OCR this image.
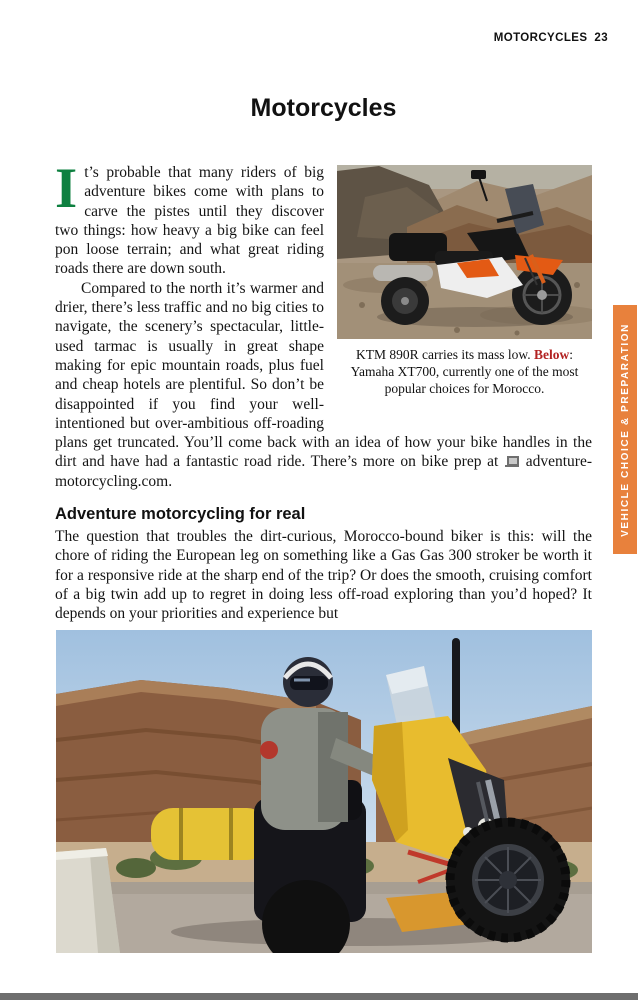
MOTORCYCLES 23
Motorcycles
KTM 890R carries its mass low. Below: Yamaha XT700, currently one of the most popular choices for Morocco.

It’s probable that many riders of big adventure bikes come with plans to carve the pistes until they discover two things: how heavy a big bike can feel pon loose terrain; and what great riding roads there are down south.

Compared to the north it’s warmer and drier, there’s less traffic and no big cities to navigate, the scenery’s spectacular, little-used tarmac is usually in great shape making for epic mountain roads, plus fuel and cheap hotels are plentiful. So don’t be disappointed if you find your well-intentioned but over-ambitious off-roading plans get truncated. You’ll come back with an idea of how your bike handles in the dirt and have had a fantastic road ride. There’s more on bike prep at  adventure-motorcycling.com.

Adventure motorcycling for real

The question that troubles the dirt-curious, Morocco-bound biker is this: will the chore of riding the European leg on something like a Gas Gas 300 stroker be worth it for a responsive ride at the sharp end of the trip? Or does the smooth, cruising comfort of a big twin add up to regret in doing less off-road exploring than you’d hoped? It depends on your priorities and experience but

VEHICLE CHOICE & PREPARATION
